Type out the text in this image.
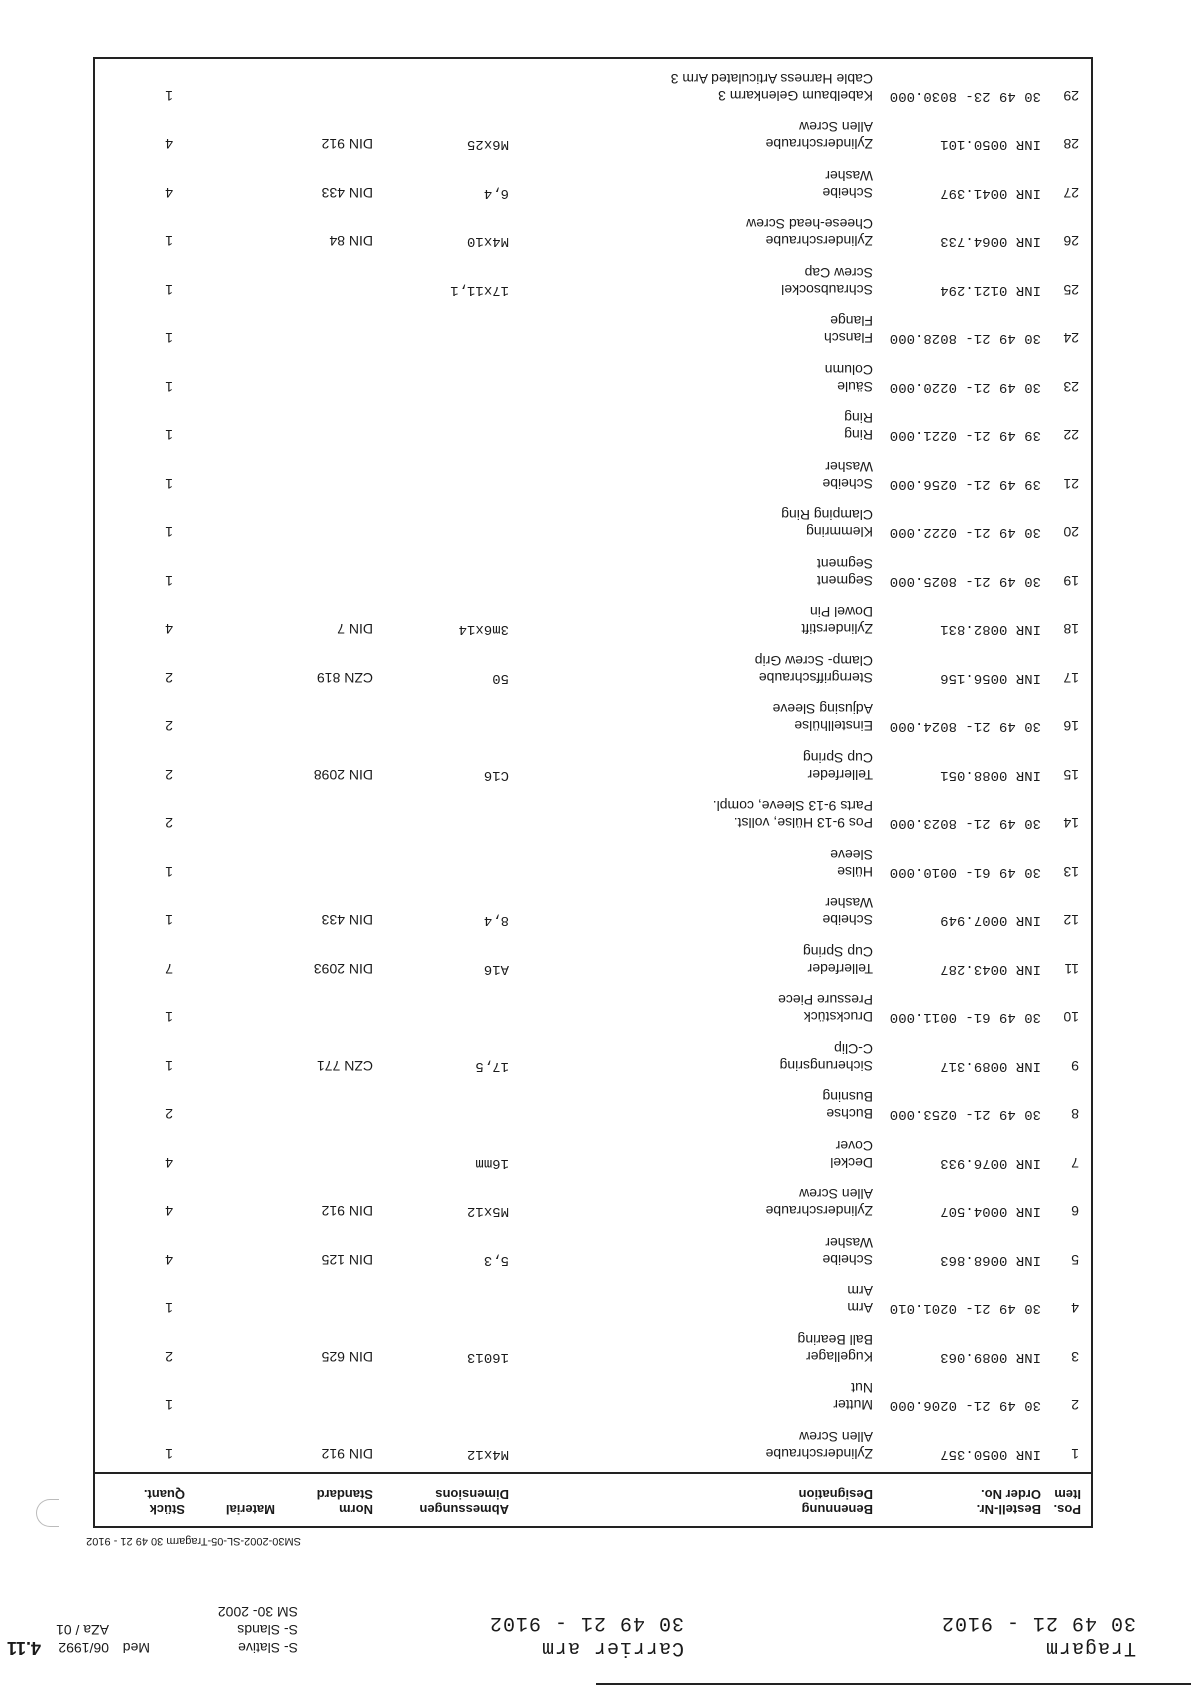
Tragarm
30 49 21 - 9102
Carrier arm
30 49 21 - 9102
S- Slative
S- Slands
SM 30- 2002
Med
06/1992
AZa / 01
4.11
SM30-2002-SL-05-Tragarm 30 49 21 - 9102
Pos.
Item
Bestell-Nr.
Order No.
Benennung
Designation
Abmessungen
Dimensions
Norm
Standard
Material
Stück
Quant.
1
INR 0050.357
Zylinderschraube
Allen Screw
M4x12
DIN 912
1
2
30 49 21- 0206.000
Mutter
Nut
1
3
INR 0089.063
Kugellager
Ball Bearing
16013
DIN 625
2
4
30 49 21- 0201.010
Arm
Arm
1
5
INR 0068.863
Scheibe
Washer
5,3
DIN 125
4
6
INR 0004.507
Zylinderschraube
Allen Screw
M5x12
DIN 912
4
7
INR 0076.933
Deckel
Cover
16mm
4
8
30 49 21- 0253.000
Buchse
Busning
2
9
INR 0089.317
Sicherungsring
C-Clip
17,5
CZN 771
1
10
30 49 61- 0011.000
Druckstück
Pressure Piece
1
11
INR 0043.287
Tellerfeder
Cup Spring
A16
DIN 2093
7
12
INR 0007.949
Scheibe
Washer
8,4
DIN 433
1
13
30 49 61- 0010.000
Hülse
Sleeve
1
14
30 49 21- 8023.000
Pos 9-13 Hülse, vollst.
Parts 9-13 Sleeve, compl.
2
15
INR 0088.051
Tellerfeder
Cup Spring
C16
DIN 2098
2
16
30 49 21- 8024.000
Einstellhülse
Adjusing Sleeve
2
17
INR 0056.156
Sterngriffschraube
Clamp- Screw Grip
50
CZN 819
2
18
INR 0082.831
Zylinderstift
Dowel Pin
3m6x14
DIN 7
4
19
30 49 21- 8025.000
Segment
Segment
1
20
30 49 21- 0222.000
Klemmring
Clamping Ring
1
21
39 49 21- 0256.000
Scheibe
Washer
1
22
39 49 21- 0221.000
Ring
Ring
1
23
30 49 21- 0220.000
Säule
Column
1
24
30 49 21- 8028.000
Flansch
Flange
1
25
INR 0121.294
Schraubsockel
Screw Cap
17x11,1
1
26
INR 0064.733
Zylinderschraube
Cheese-head Screw
M4x10
DIN 84
1
27
INR 0041.397
Scheibe
Washer
6,4
DIN 433
4
28
INR 0050.101
Zylinderschraube
Allen Screw
M6x25
DIN 912
4
29
30 49 23- 8030.000
Kabelbaum Gelenkarm 3
Cable Harness Articulated Arm 3
1
